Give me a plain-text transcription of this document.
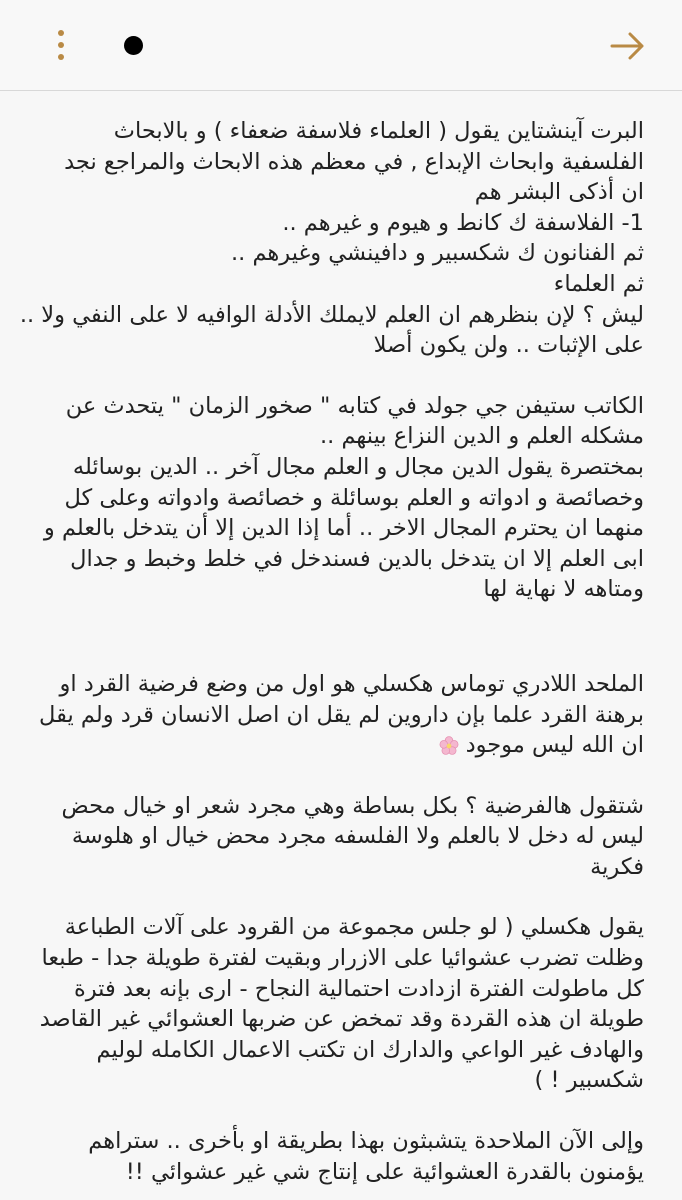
البرت آينشتاين يقول ( العلماء فلاسفة ضعفاء ) و بالابحاث
الفلسفية وابحاث الإبداع , في معظم هذه الابحاث والمراجع نجد
ان أذكى البشر هم
1- الفلاسفة ك كانط و هيوم و غيرهم ..
ثم الفنانون ك شكسبير و دافينشي وغيرهم ..
ثم العلماء
ليش ؟ لإن بنظرهم ان العلم لايملك الأدلة الوافيه لا على النفي ولا ..
على الإثبات .. ولن يكون أصلا

الكاتب ستيفن جي جولد في كتابه " صخور الزمان " يتحدث عن
مشكله العلم و الدين النزاع بينهم ..
بمختصرة يقول الدين مجال و العلم مجال آخر .. الدين بوسائله
وخصائصة و ادواته و العلم بوسائلة و خصائصة وادواته وعلى كل
منهما ان يحترم المجال الاخر .. أما إذا الدين إلا أن يتدخل بالعلم و
ابى العلم إلا ان يتدخل بالدين فسندخل في خلط وخبط و جدال
ومتاهه لا نهاية لها

الملحد اللادري توماس هكسلي هو اول من وضع فرضية القرد او
برهنة القرد علما بإن داروين لم يقل ان اصل الانسان قرد ولم يقل
ان الله ليس موجود

شتقول هالفرضية ؟ بكل بساطة وهي مجرد شعر او خيال محض
ليس له دخل لا بالعلم ولا الفلسفه مجرد محض خيال او هلوسة
فكرية

يقول هكسلي ( لو جلس مجموعة من القرود على آلات الطباعة
وظلت تضرب عشوائيا على الازرار وبقيت لفترة طويلة جدا - طبعا
كل ماطولت الفترة ازدادت احتمالية النجاح - ارى بإنه بعد فترة
طويلة ان هذه القردة وقد تمخض عن ضربها العشوائي غير القاصد
والهادف غير الواعي والدارك ان تكتب الاعمال الكامله لوليم
شكسبير ! )

وإلى الآن الملاحدة يتشبثون بهذا بطريقة او بأخرى .. ستراهم
يؤمنون بالقدرة العشوائية على إنتاج شي غير عشوائي !!
